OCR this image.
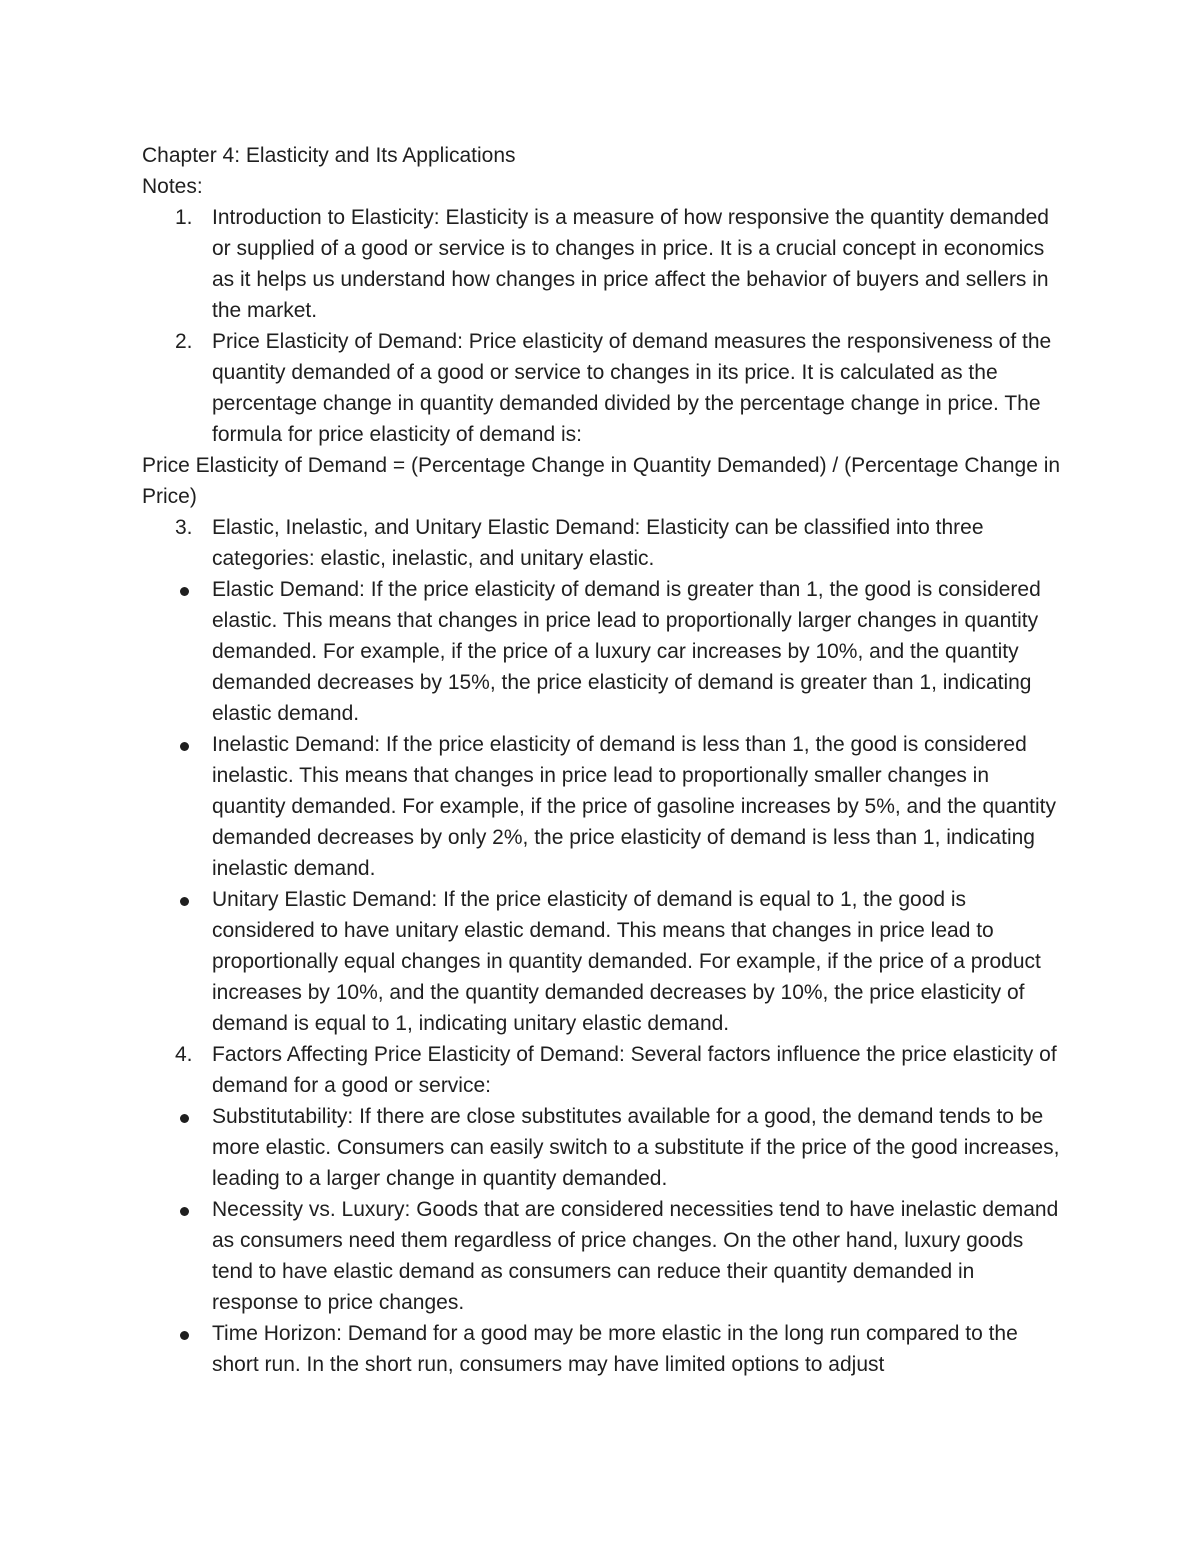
Chapter 4: Elasticity and Its Applications

Notes:

1. Introduction to Elasticity: Elasticity is a measure of how responsive the quantity demanded or supplied of a good or service is to changes in price. It is a crucial concept in economics as it helps us understand how changes in price affect the behavior of buyers and sellers in the market.
2. Price Elasticity of Demand: Price elasticity of demand measures the responsiveness of the quantity demanded of a good or service to changes in its price. It is calculated as the percentage change in quantity demanded divided by the percentage change in price. The formula for price elasticity of demand is:

Price Elasticity of Demand = (Percentage Change in Quantity Demanded) / (Percentage Change in Price)

3. Elastic, Inelastic, and Unitary Elastic Demand: Elasticity can be classified into three categories: elastic, inelastic, and unitary elastic.
Elastic Demand: If the price elasticity of demand is greater than 1, the good is considered elastic. This means that changes in price lead to proportionally larger changes in quantity demanded. For example, if the price of a luxury car increases by 10%, and the quantity demanded decreases by 15%, the price elasticity of demand is greater than 1, indicating elastic demand.
Inelastic Demand: If the price elasticity of demand is less than 1, the good is considered inelastic. This means that changes in price lead to proportionally smaller changes in quantity demanded. For example, if the price of gasoline increases by 5%, and the quantity demanded decreases by only 2%, the price elasticity of demand is less than 1, indicating inelastic demand.
Unitary Elastic Demand: If the price elasticity of demand is equal to 1, the good is considered to have unitary elastic demand. This means that changes in price lead to proportionally equal changes in quantity demanded. For example, if the price of a product increases by 10%, and the quantity demanded decreases by 10%, the price elasticity of demand is equal to 1, indicating unitary elastic demand.
4. Factors Affecting Price Elasticity of Demand: Several factors influence the price elasticity of demand for a good or service:
Substitutability: If there are close substitutes available for a good, the demand tends to be more elastic. Consumers can easily switch to a substitute if the price of the good increases, leading to a larger change in quantity demanded.
Necessity vs. Luxury: Goods that are considered necessities tend to have inelastic demand as consumers need them regardless of price changes. On the other hand, luxury goods tend to have elastic demand as consumers can reduce their quantity demanded in response to price changes.
Time Horizon: Demand for a good may be more elastic in the long run compared to the short run. In the short run, consumers may have limited options to adjust
